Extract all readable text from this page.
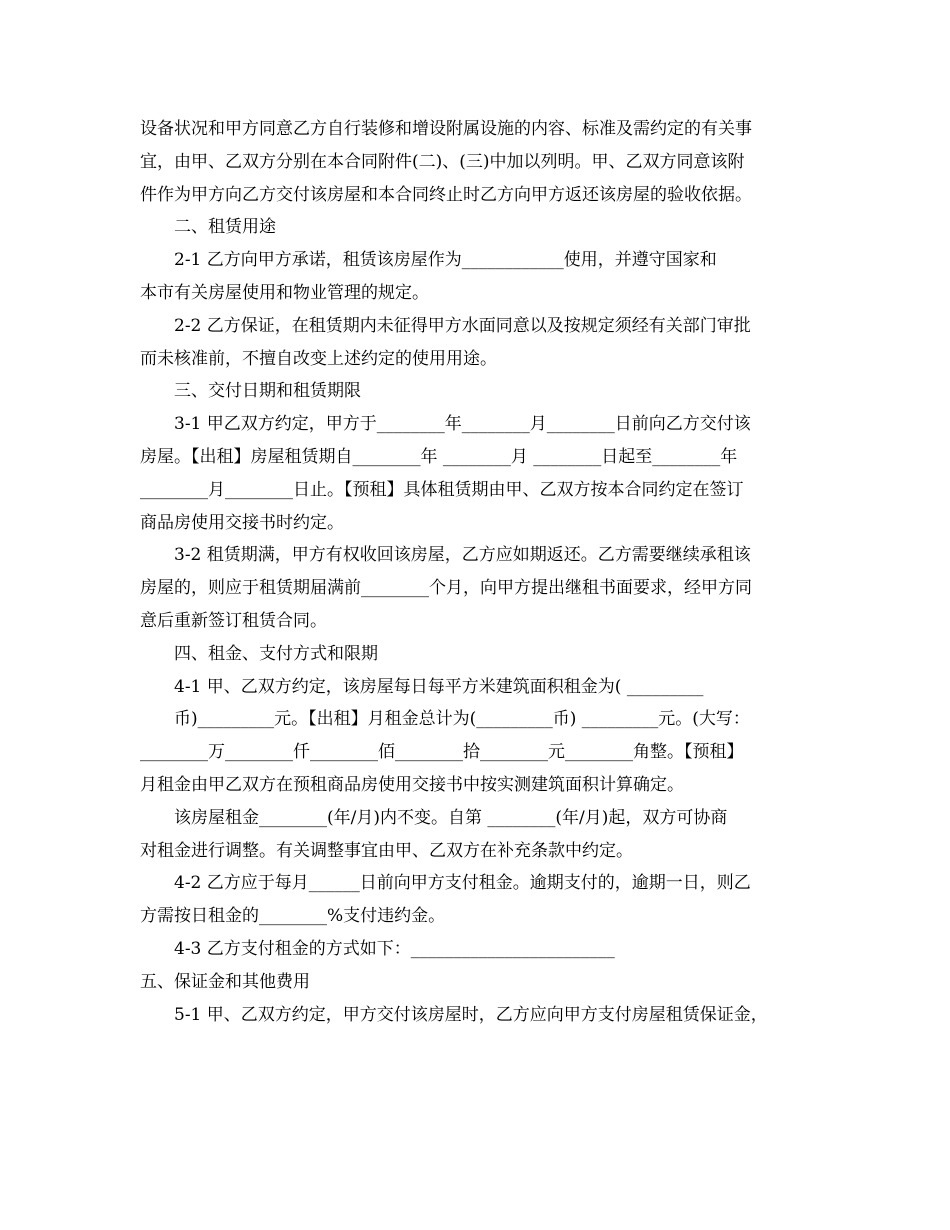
设备状况和甲方同意乙方自行装修和增设附属设施的内容、标准及需约定的有关事
宜，由甲、乙双方分别在本合同附件(二)、(三)中加以列明。甲、乙双方同意该附
件作为甲方向乙方交付该房屋和本合同终止时乙方向甲方返还该房屋的验收依据。
二、租赁用途
2-1 乙方向甲方承诺，租赁该房屋作为____________使用，并遵守国家和
本市有关房屋使用和物业管理的规定。
2-2 乙方保证，在租赁期内未征得甲方水面同意以及按规定须经有关部门审批
而未核准前，不擅自改变上述约定的使用用途。
三、交付日期和租赁期限
3-1 甲乙双方约定，甲方于________年________月________日前向乙方交付该
房屋。【出租】房屋租赁期自________年 ________月 ________日起至________年
________月________日止。【预租】具体租赁期由甲、乙双方按本合同约定在签订
商品房使用交接书时约定。
3-2 租赁期满，甲方有权收回该房屋，乙方应如期返还。乙方需要继续承租该
房屋的，则应于租赁期届满前________个月，向甲方提出继租书面要求，经甲方同
意后重新签订租赁合同。
四、租金、支付方式和限期
4-1 甲、乙双方约定，该房屋每日每平方米建筑面积租金为( _________
币)_________元。【出租】月租金总计为(_________币) _________元。(大写：
________万________仟________佰________拾________元________角整。【预租】
月租金由甲乙双方在预租商品房使用交接书中按实测建筑面积计算确定。
该房屋租金________(年/月)内不变。自第 ________(年/月)起，双方可协商
对租金进行调整。有关调整事宜由甲、乙双方在补充条款中约定。
4-2 乙方应于每月______日前向甲方支付租金。逾期支付的，逾期一日，则乙
方需按日租金的________%支付违约金。
4-3 乙方支付租金的方式如下：________________________
五、保证金和其他费用
5-1 甲、乙双方约定，甲方交付该房屋时，乙方应向甲方支付房屋租赁保证金，
